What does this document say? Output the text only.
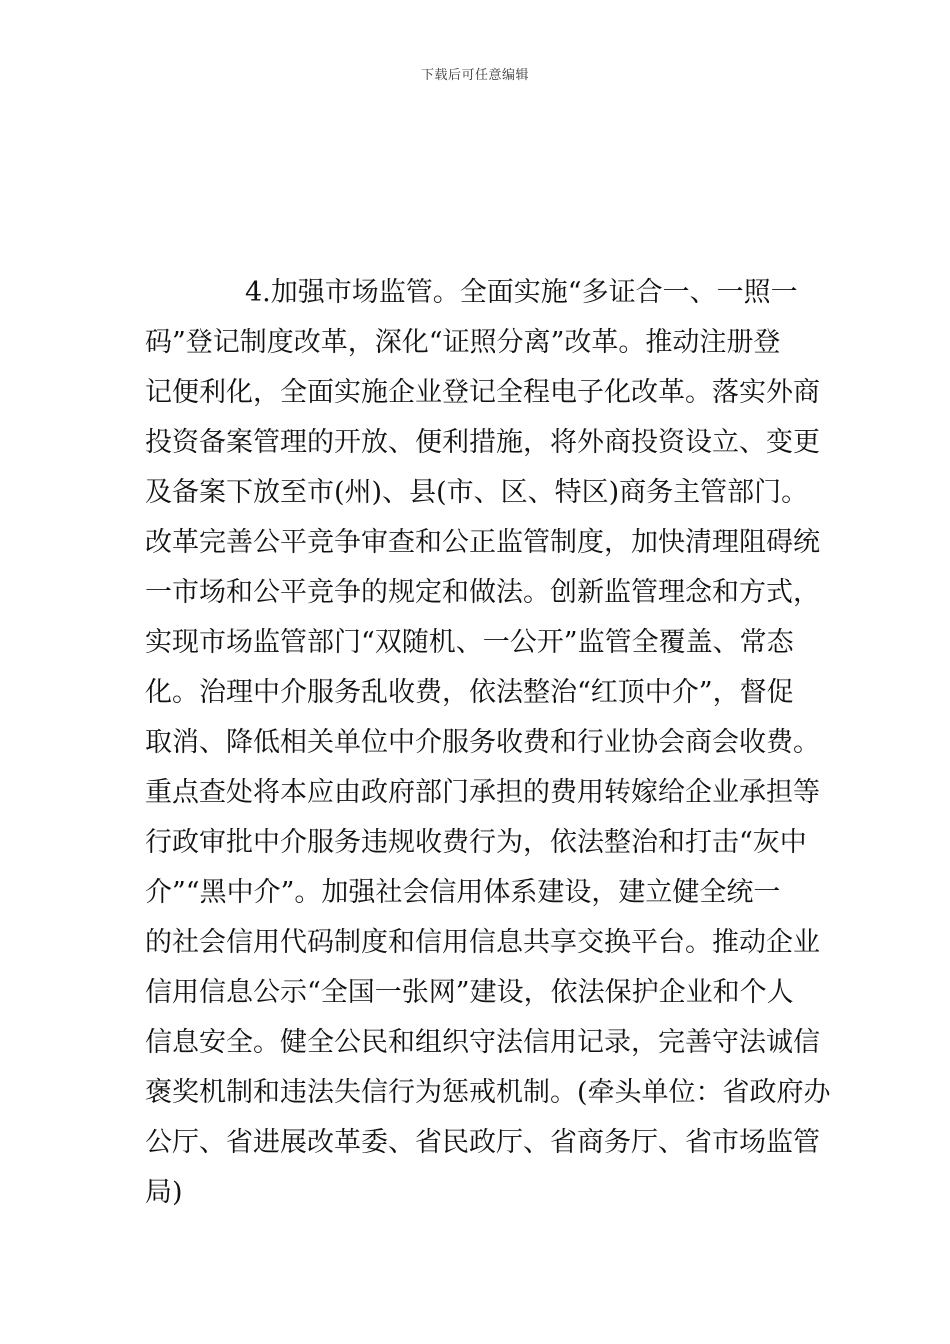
下载后可任意编辑
4.加强市场监管。全面实施“多证合一、一照一
码”登记制度改革，深化“证照分离”改革。推动注册登
记便利化，全面实施企业登记全程电子化改革。落实外商
投资备案管理的开放、便利措施，将外商投资设立、变更
及备案下放至市(州)、县(市、区、特区)商务主管部门。
改革完善公平竞争审查和公正监管制度，加快清理阻碍统
一市场和公平竞争的规定和做法。创新监管理念和方式，
实现市场监管部门“双随机、一公开”监管全覆盖、常态
化。治理中介服务乱收费，依法整治“红顶中介”，督促
取消、降低相关单位中介服务收费和行业协会商会收费。
重点查处将本应由政府部门承担的费用转嫁给企业承担等
行政审批中介服务违规收费行为，依法整治和打击“灰中
介”“黑中介”。加强社会信用体系建设，建立健全统一
的社会信用代码制度和信用信息共享交换平台。推动企业
信用信息公示“全国一张网”建设，依法保护企业和个人
信息安全。健全公民和组织守法信用记录，完善守法诚信
褒奖机制和违法失信行为惩戒机制。(牵头单位：省政府办
公厅、省进展改革委、省民政厅、省商务厅、省市场监管
局)
